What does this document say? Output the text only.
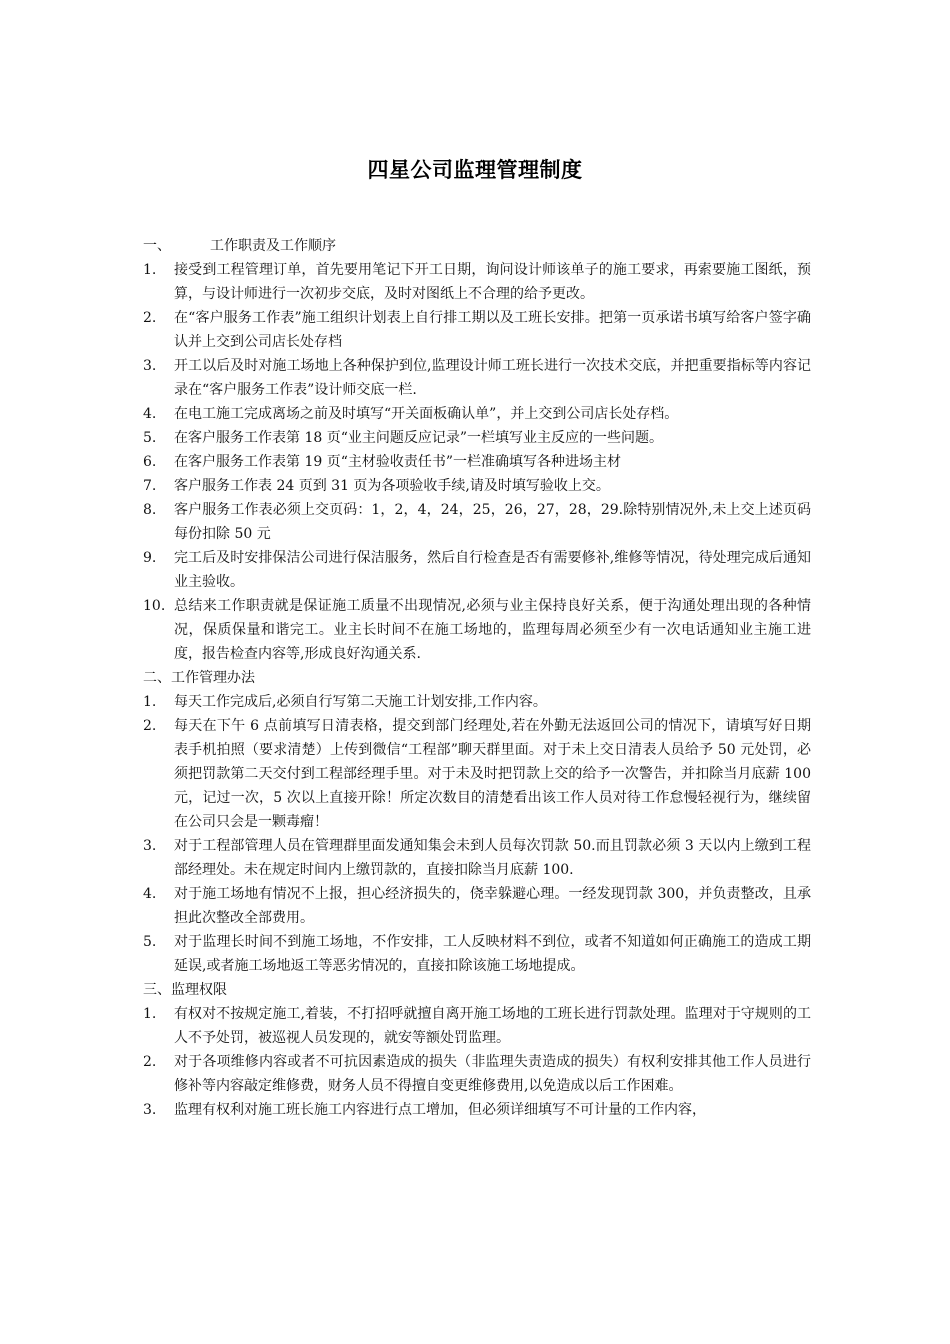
四星公司监理管理制度
一、	工作职责及工作顺序
1. 接受到工程管理订单，首先要用笔记下开工日期，询问设计师该单子的施工要求，再索要施工图纸，预算，与设计师进行一次初步交底，及时对图纸上不合理的给予更改。
2. 在“客户服务工作表”施工组织计划表上自行排工期以及工班长安排。把第一页承诺书填写给客户签字确认并上交到公司店长处存档
3. 开工以后及时对施工场地上各种保护到位,监理设计师工班长进行一次技术交底，并把重要指标等内容记录在“客户服务工作表”设计师交底一栏.
4. 在电工施工完成离场之前及时填写“开关面板确认单”，并上交到公司店长处存档。
5. 在客户服务工作表第 18 页“业主问题反应记录”一栏填写业主反应的一些问题。
6. 在客户服务工作表第 19 页“主材验收责任书”一栏准确填写各种进场主材
7. 客户服务工作表 24 页到 31 页为各项验收手续,请及时填写验收上交。
8. 客户服务工作表必须上交页码：1，2，4，24，25，26，27，28，29.除特别情况外,未上交上述页码每份扣除 50 元
9. 完工后及时安排保洁公司进行保洁服务，然后自行检查是否有需要修补,维修等情况，待处理完成后通知业主验收。
10. 总结来工作职责就是保证施工质量不出现情况,必须与业主保持良好关系，便于沟通处理出现的各种情况，保质保量和谐完工。业主长时间不在施工场地的，监理每周必须至少有一次电话通知业主施工进度，报告检查内容等,形成良好沟通关系.
二、工作管理办法
1. 每天工作完成后,必须自行写第二天施工计划安排,工作内容。
2. 每天在下午 6 点前填写日清表格，提交到部门经理处,若在外勤无法返回公司的情况下，请填写好日期表手机拍照（要求清楚）上传到微信“工程部”聊天群里面。对于未上交日清表人员给予 50 元处罚，必须把罚款第二天交付到工程部经理手里。对于未及时把罚款上交的给予一次警告，并扣除当月底薪 100 元，记过一次，5 次以上直接开除！所定次数目的清楚看出该工作人员对待工作怠慢轻视行为，继续留在公司只会是一颗毒瘤！
3. 对于工程部管理人员在管理群里面发通知集会未到人员每次罚款 50.而且罚款必须 3 天以内上缴到工程部经理处。未在规定时间内上缴罚款的，直接扣除当月底薪 100.
4. 对于施工场地有情况不上报，担心经济损失的，侥幸躲避心理。一经发现罚款 300，并负责整改，且承担此次整改全部费用。
5. 对于监理长时间不到施工场地，不作安排，工人反映材料不到位，或者不知道如何正确施工的造成工期延误,或者施工场地返工等恶劣情况的，直接扣除该施工场地提成。
三、监理权限
1. 有权对不按规定施工,着装，不打招呼就擅自离开施工场地的工班长进行罚款处理。监理对于守规则的工人不予处罚，被巡视人员发现的，就安等额处罚监理。
2. 对于各项维修内容或者不可抗因素造成的损失（非监理失责造成的损失）有权利安排其他工作人员进行修补等内容敲定维修费，财务人员不得擅自变更维修费用,以免造成以后工作困难。
3. 监理有权利对施工班长施工内容进行点工增加，但必须详细填写不可计量的工作内容，
